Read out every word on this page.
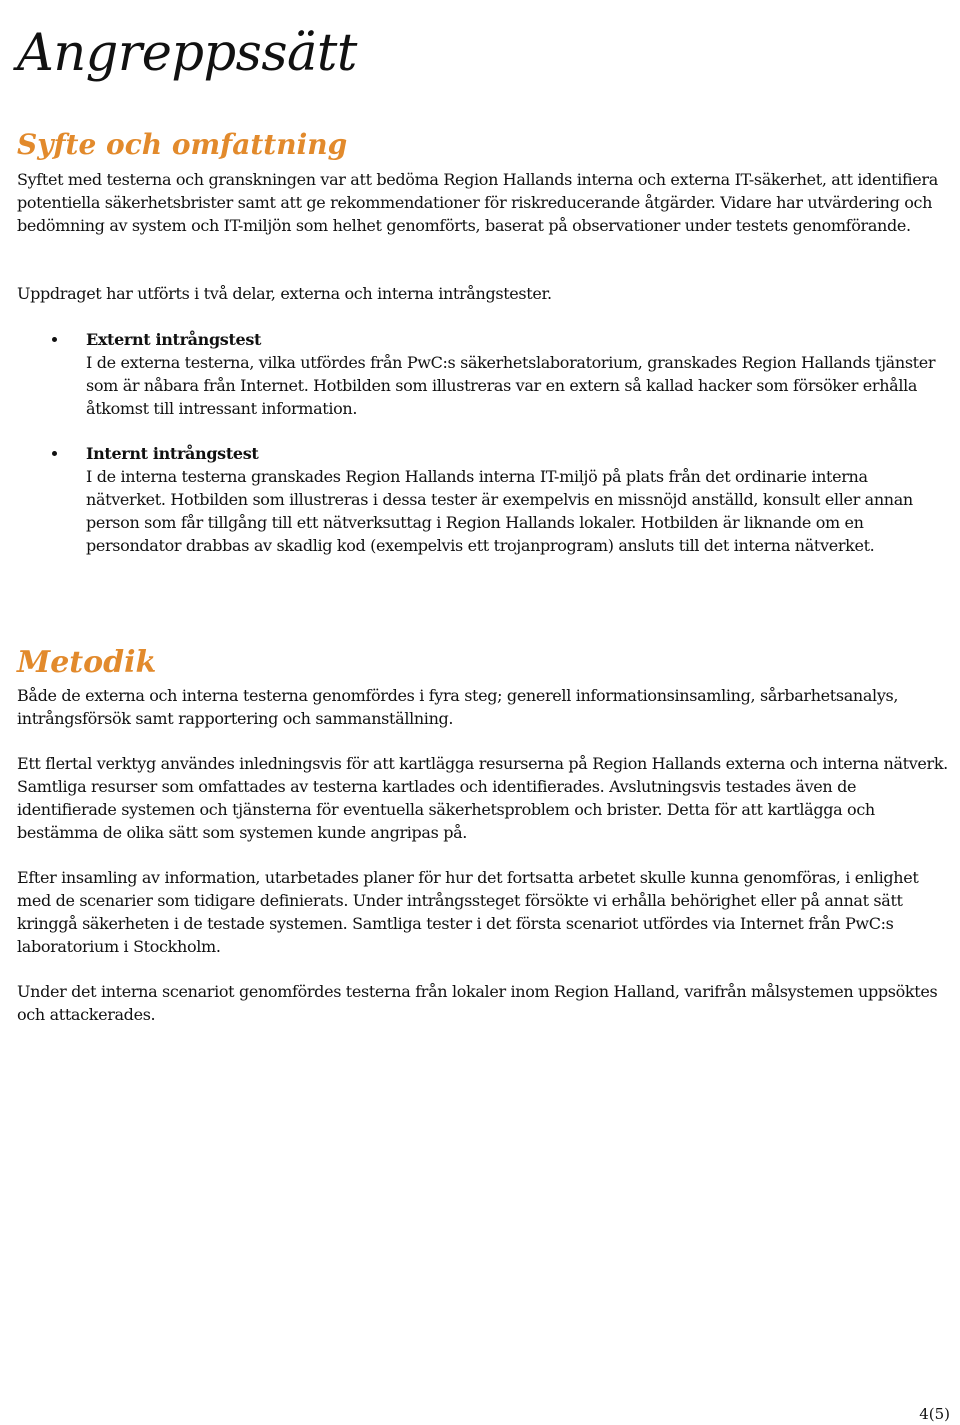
Angreppssätt
Syfte och omfattning

Syftet med testerna och granskningen var att bedöma Region Hallands interna och externa IT-säkerhet, att identifiera potentiella säkerhetsbrister samt att ge rekommendationer för riskreducerande åtgärder. Vidare har utvärdering och bedömning av system och IT-miljön som helhet genomförts, baserat på observationer under testets genomförande.

Uppdraget har utförts i två delar, externa och interna intrångstester.

Externt intrångstest
I de externa testerna, vilka utfördes från PwC:s säkerhetslaboratorium, granskades Region Hallands tjänster som är nåbara från Internet. Hotbilden som illustreras var en extern så kallad hacker som försöker erhålla åtkomst till intressant information.
Internt intrångstest
I de interna testerna granskades Region Hallands interna IT-miljö på plats från det ordinarie interna nätverket. Hotbilden som illustreras i dessa tester är exempelvis en missnöjd anställd, konsult eller annan person som får tillgång till ett nätverksuttag i Region Hallands lokaler. Hotbilden är liknande om en persondator drabbas av skadlig kod (exempelvis ett trojanprogram) ansluts till det interna nätverket.
Metodik

Både de externa och interna testerna genomfördes i fyra steg; generell informationsinsamling, sårbarhetsanalys, intrångsförsök samt rapportering och sammanställning.

Ett flertal verktyg användes inledningsvis för att kartlägga resurserna på Region Hallands externa och interna nätverk. Samtliga resurser som omfattades av testerna kartlades och identifierades. Avslutningsvis testades även de identifierade systemen och tjänsterna för eventuella säkerhetsproblem och brister. Detta för att kartlägga och bestämma de olika sätt som systemen kunde angripas på.

Efter insamling av information, utarbetades planer för hur det fortsatta arbetet skulle kunna genomföras, i enlighet med de scenarier som tidigare definierats. Under intrångssteget försökte vi erhålla behörighet eller på annat sätt kringgå säkerheten i de testade systemen. Samtliga tester i det första scenariot utfördes via Internet från PwC:s laboratorium i Stockholm.

Under det interna scenariot genomfördes testerna från lokaler inom Region Halland, varifrån målsystemen uppsöktes och attackerades.

4(5)
